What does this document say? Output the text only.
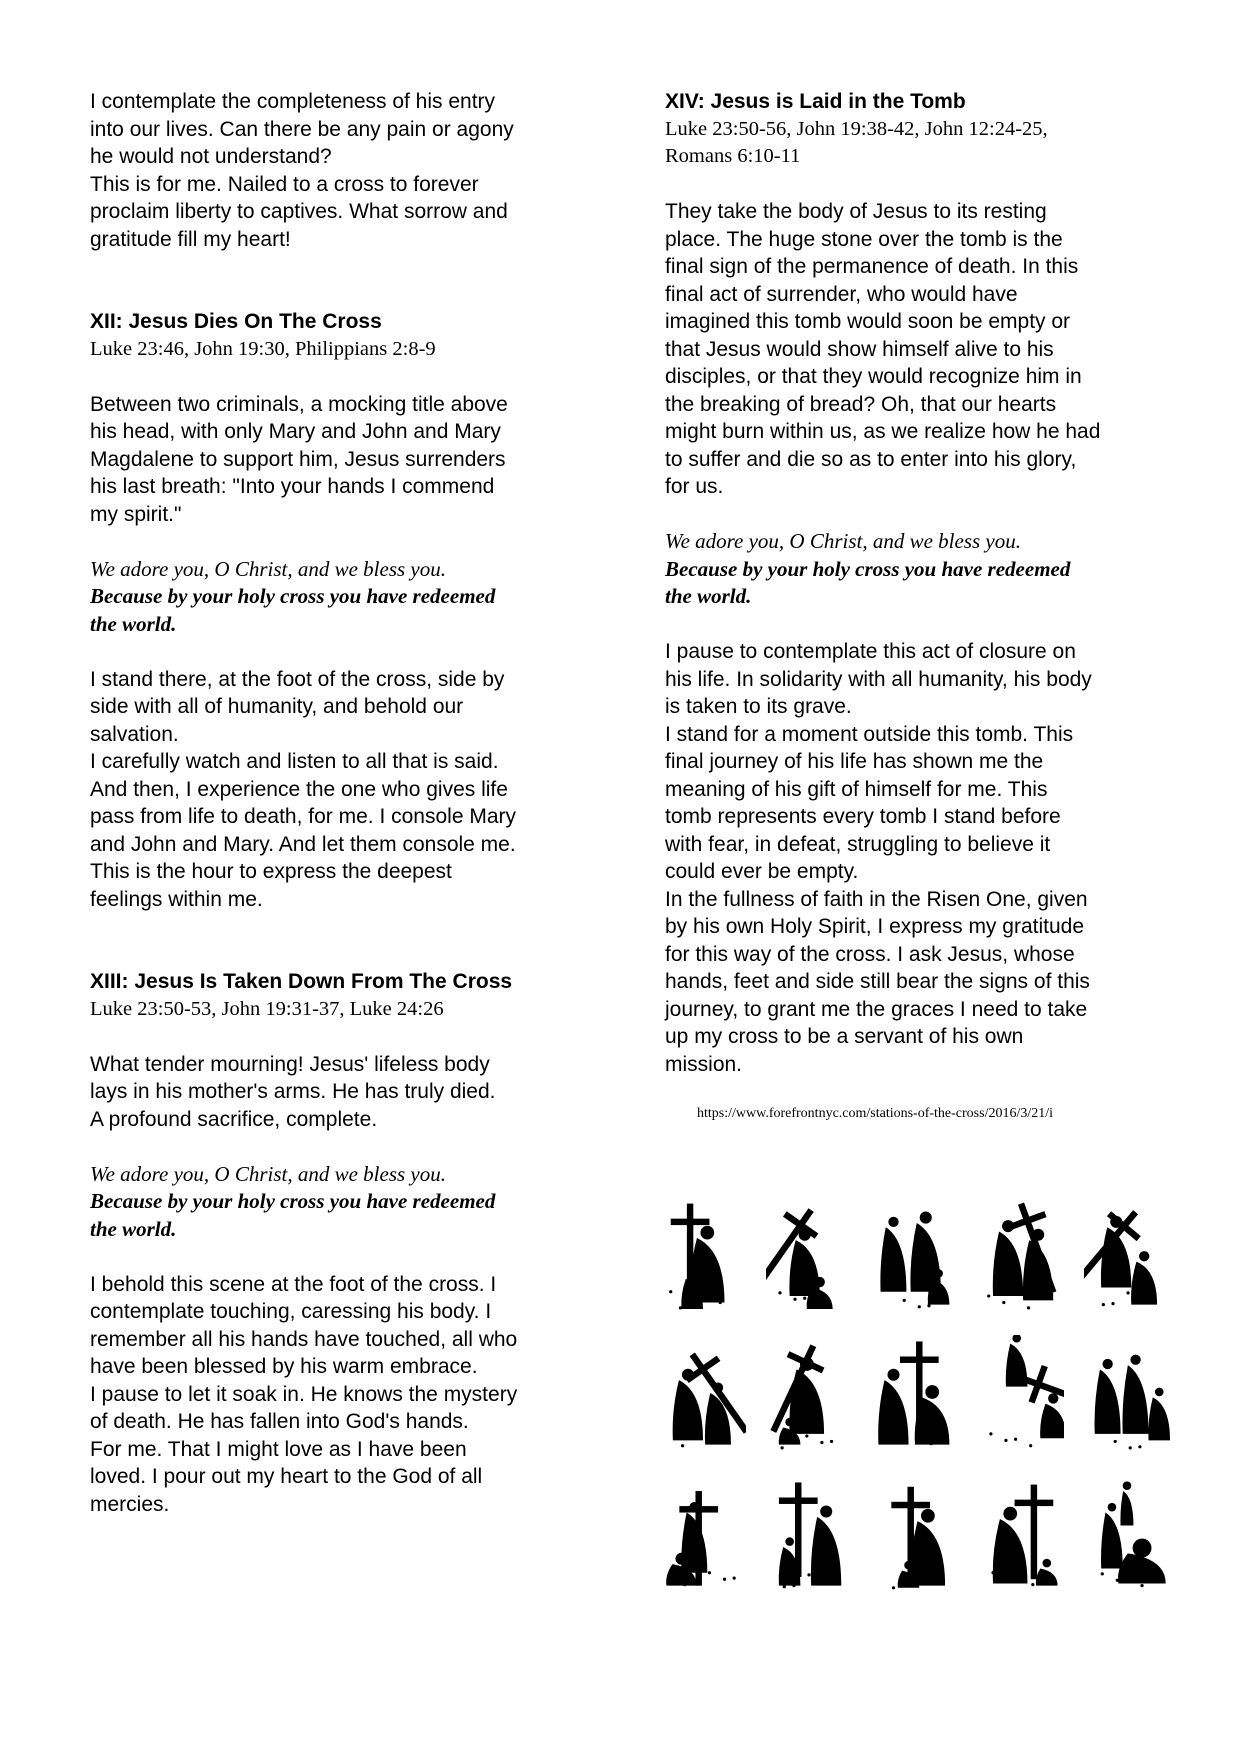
I contemplate the completeness of his entry

into our lives. Can there be any pain or agony

he would not understand?

This is for me. Nailed to a cross to forever

proclaim liberty to captives. What sorrow and

gratitude fill my heart!

XII: Jesus Dies On The Cross

Luke 23:46, John 19:30, Philippians 2:8-9

Between two criminals, a mocking title above

his head, with only Mary and John and Mary

Magdalene to support him, Jesus surrenders

his last breath: "Into your hands I commend

my spirit."

We adore you, O Christ, and we bless you.

Because by your holy cross you have redeemed

the world.

I stand there, at the foot of the cross, side by

side with all of humanity, and behold our

salvation.

I carefully watch and listen to all that is said.

And then, I experience the one who gives life

pass from life to death, for me. I console Mary

and John and Mary. And let them console me.

This is the hour to express the deepest

feelings within me.

XIII: Jesus Is Taken Down From The Cross

Luke 23:50-53, John 19:31-37, Luke 24:26

What tender mourning! Jesus' lifeless body

lays in his mother's arms. He has truly died.

A profound sacrifice, complete.

We adore you, O Christ, and we bless you.

Because by your holy cross you have redeemed

the world.

I behold this scene at the foot of the cross. I

contemplate touching, caressing his body. I

remember all his hands have touched, all who

have been blessed by his warm embrace.

I pause to let it soak in. He knows the mystery

of death. He has fallen into God's hands.

For me. That I might love as I have been

loved. I pour out my heart to the God of all

mercies.

XIV: Jesus is Laid in the Tomb

Luke 23:50-56, John 19:38-42, John 12:24-25,

Romans 6:10-11

They take the body of Jesus to its resting

place. The huge stone over the tomb is the

final sign of the permanence of death. In this

final act of surrender, who would have

imagined this tomb would soon be empty or

that Jesus would show himself alive to his

disciples, or that they would recognize him in

the breaking of bread? Oh, that our hearts

might burn within us, as we realize how he had

to suffer and die so as to enter into his glory,

for us.

We adore you, O Christ, and we bless you.

Because by your holy cross you have redeemed

the world.

I pause to contemplate this act of closure on

his life. In solidarity with all humanity, his body

is taken to its grave.

I stand for a moment outside this tomb. This

final journey of his life has shown me the

meaning of his gift of himself for me. This

tomb represents every tomb I stand before

with fear, in defeat, struggling to believe it

could ever be empty.

In the fullness of faith in the Risen One, given

by his own Holy Spirit, I express my gratitude

for this way of the cross. I ask Jesus, whose

hands, feet and side still bear the signs of this

journey, to grant me the graces I need to take

up my cross to be a servant of his own

mission.

https://www.forefrontnyc.com/stations-of-the-cross/2016/3/21/i
